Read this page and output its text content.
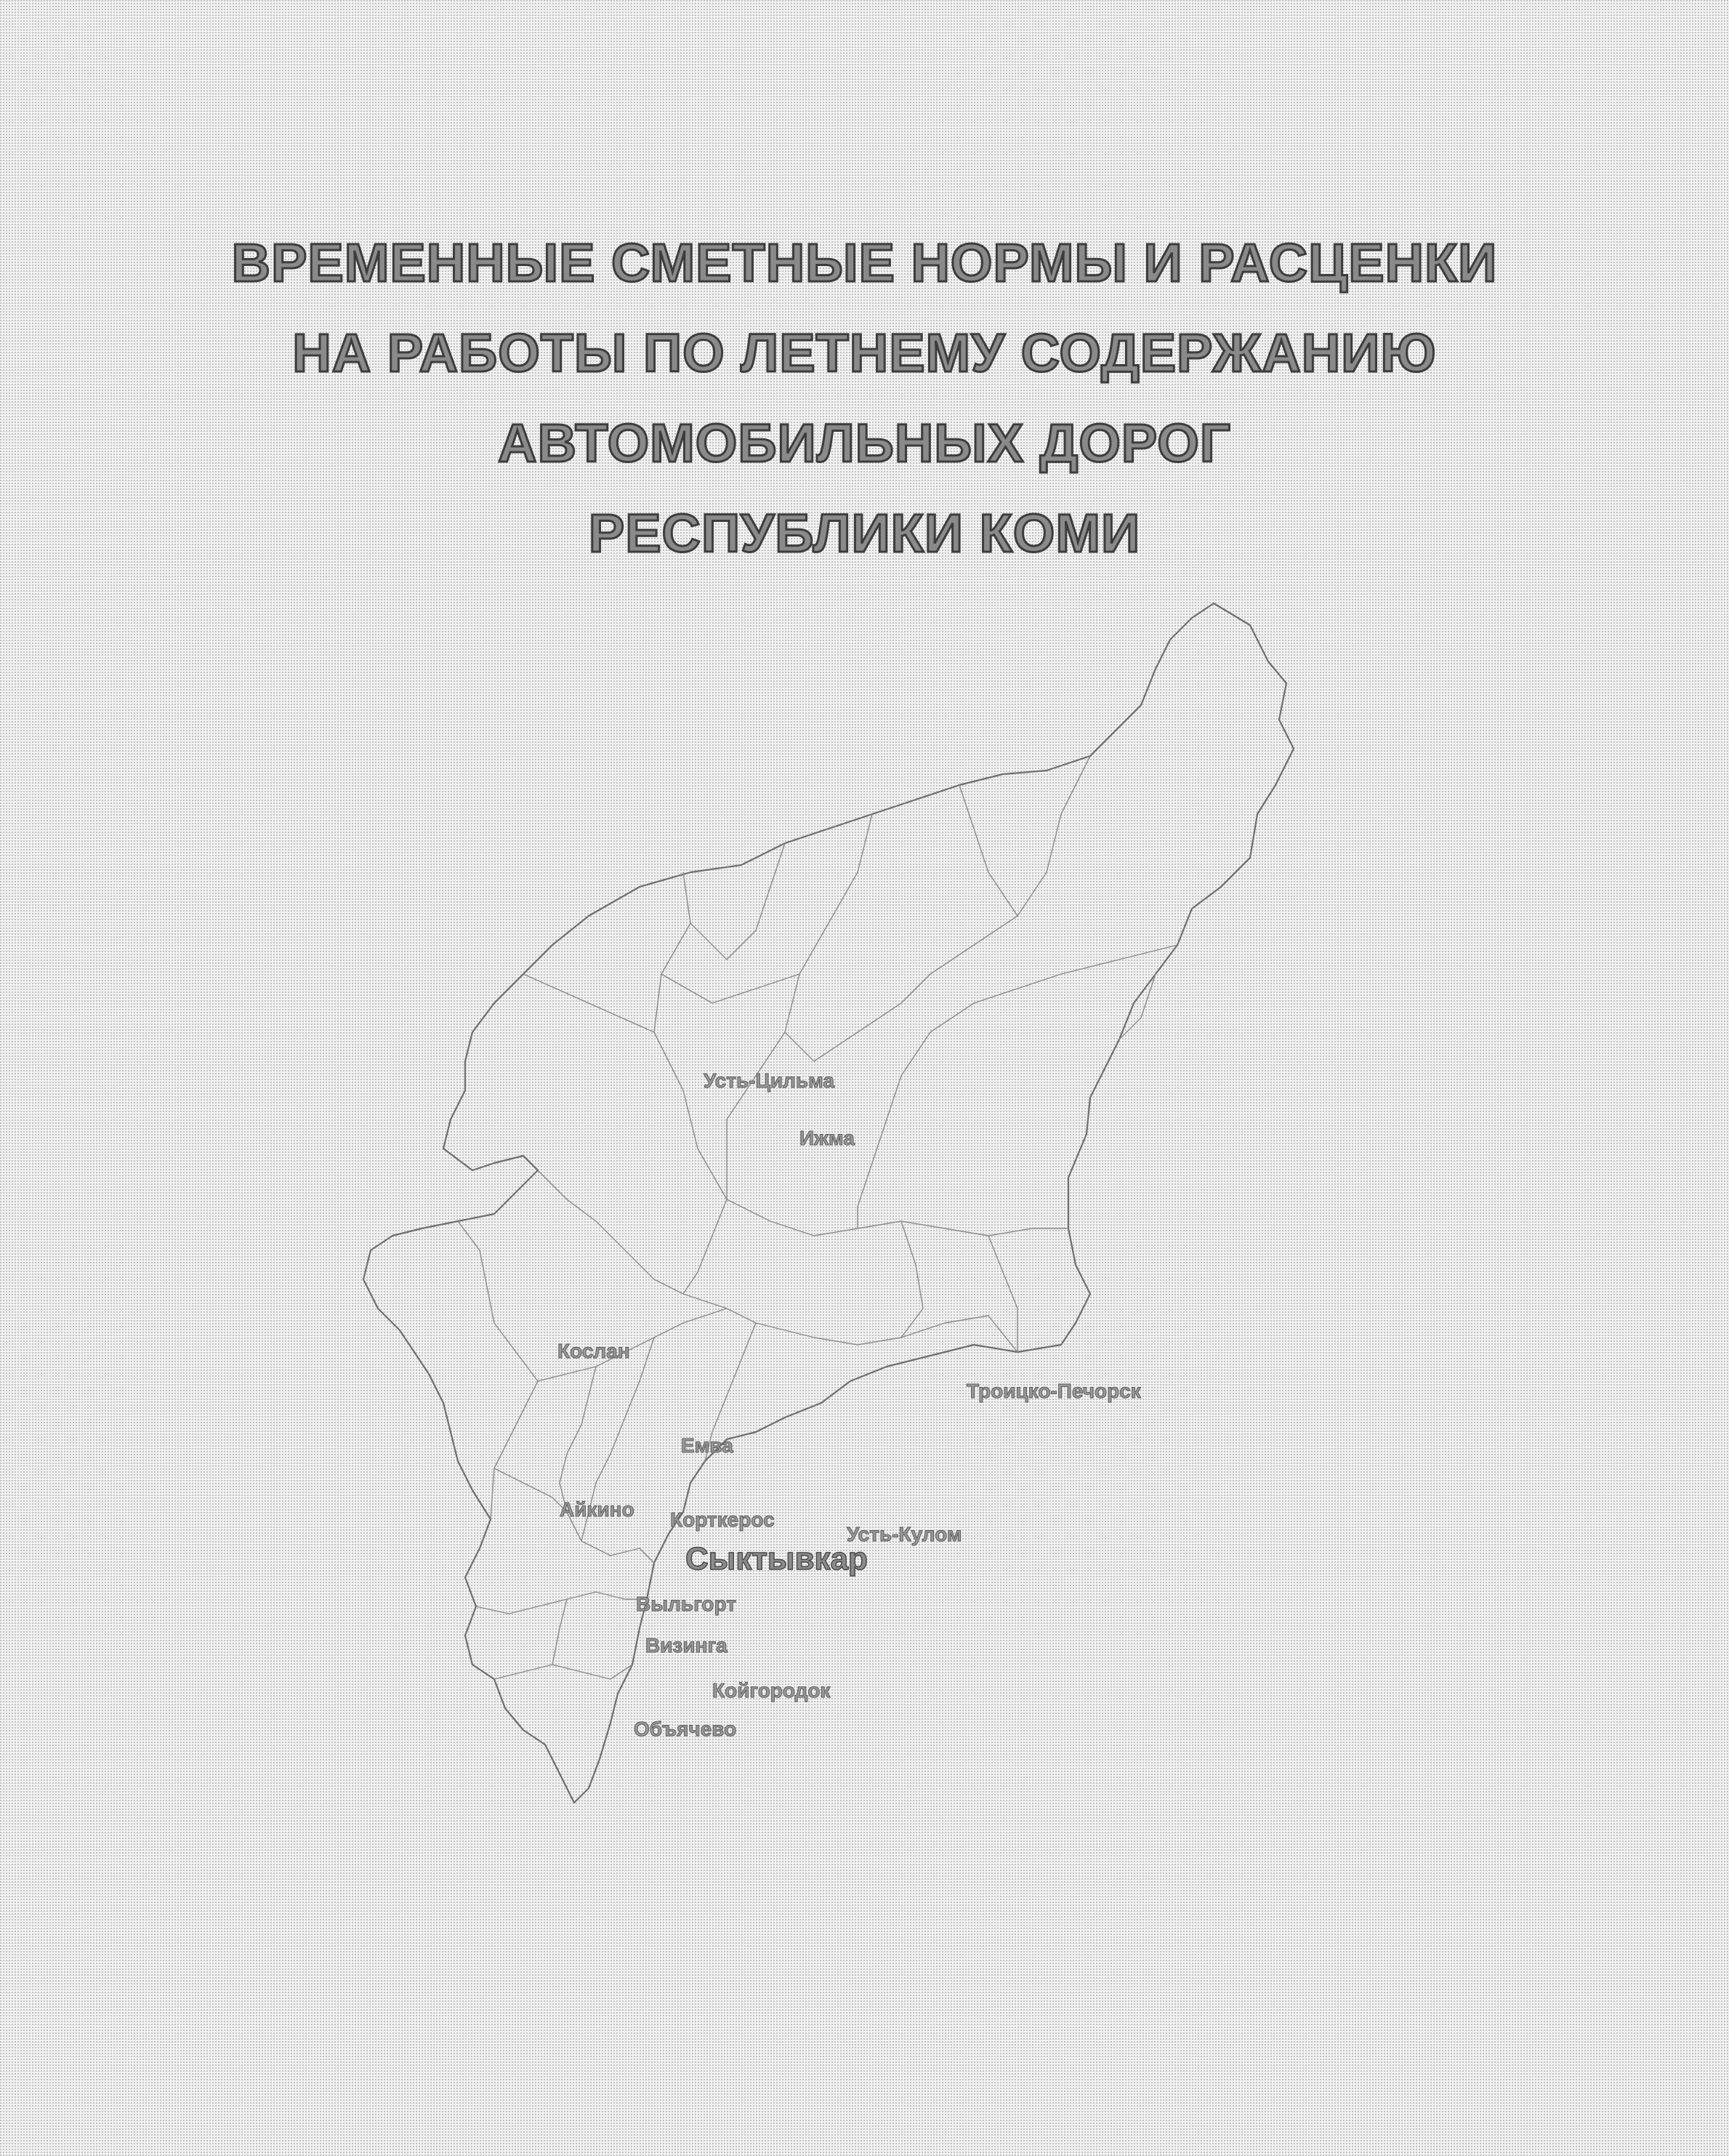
ВРЕМЕННЫЕ СМЕТНЫЕ НОРМЫ И РАСЦЕНКИ
НА РАБОТЫ ПО ЛЕТНЕМУ СОДЕРЖАНИЮ
АВТОМОБИЛЬНЫХ ДОРОГ
РЕСПУБЛИКИ КОМИ
Усть-Цильма
Ижма
Кослан
Троицко-Печорск
Емва
Айкино Корткерос
Усть-Кулом
Сыктывкар
Выльгорт
Визинга
Койгородок
Объячево
